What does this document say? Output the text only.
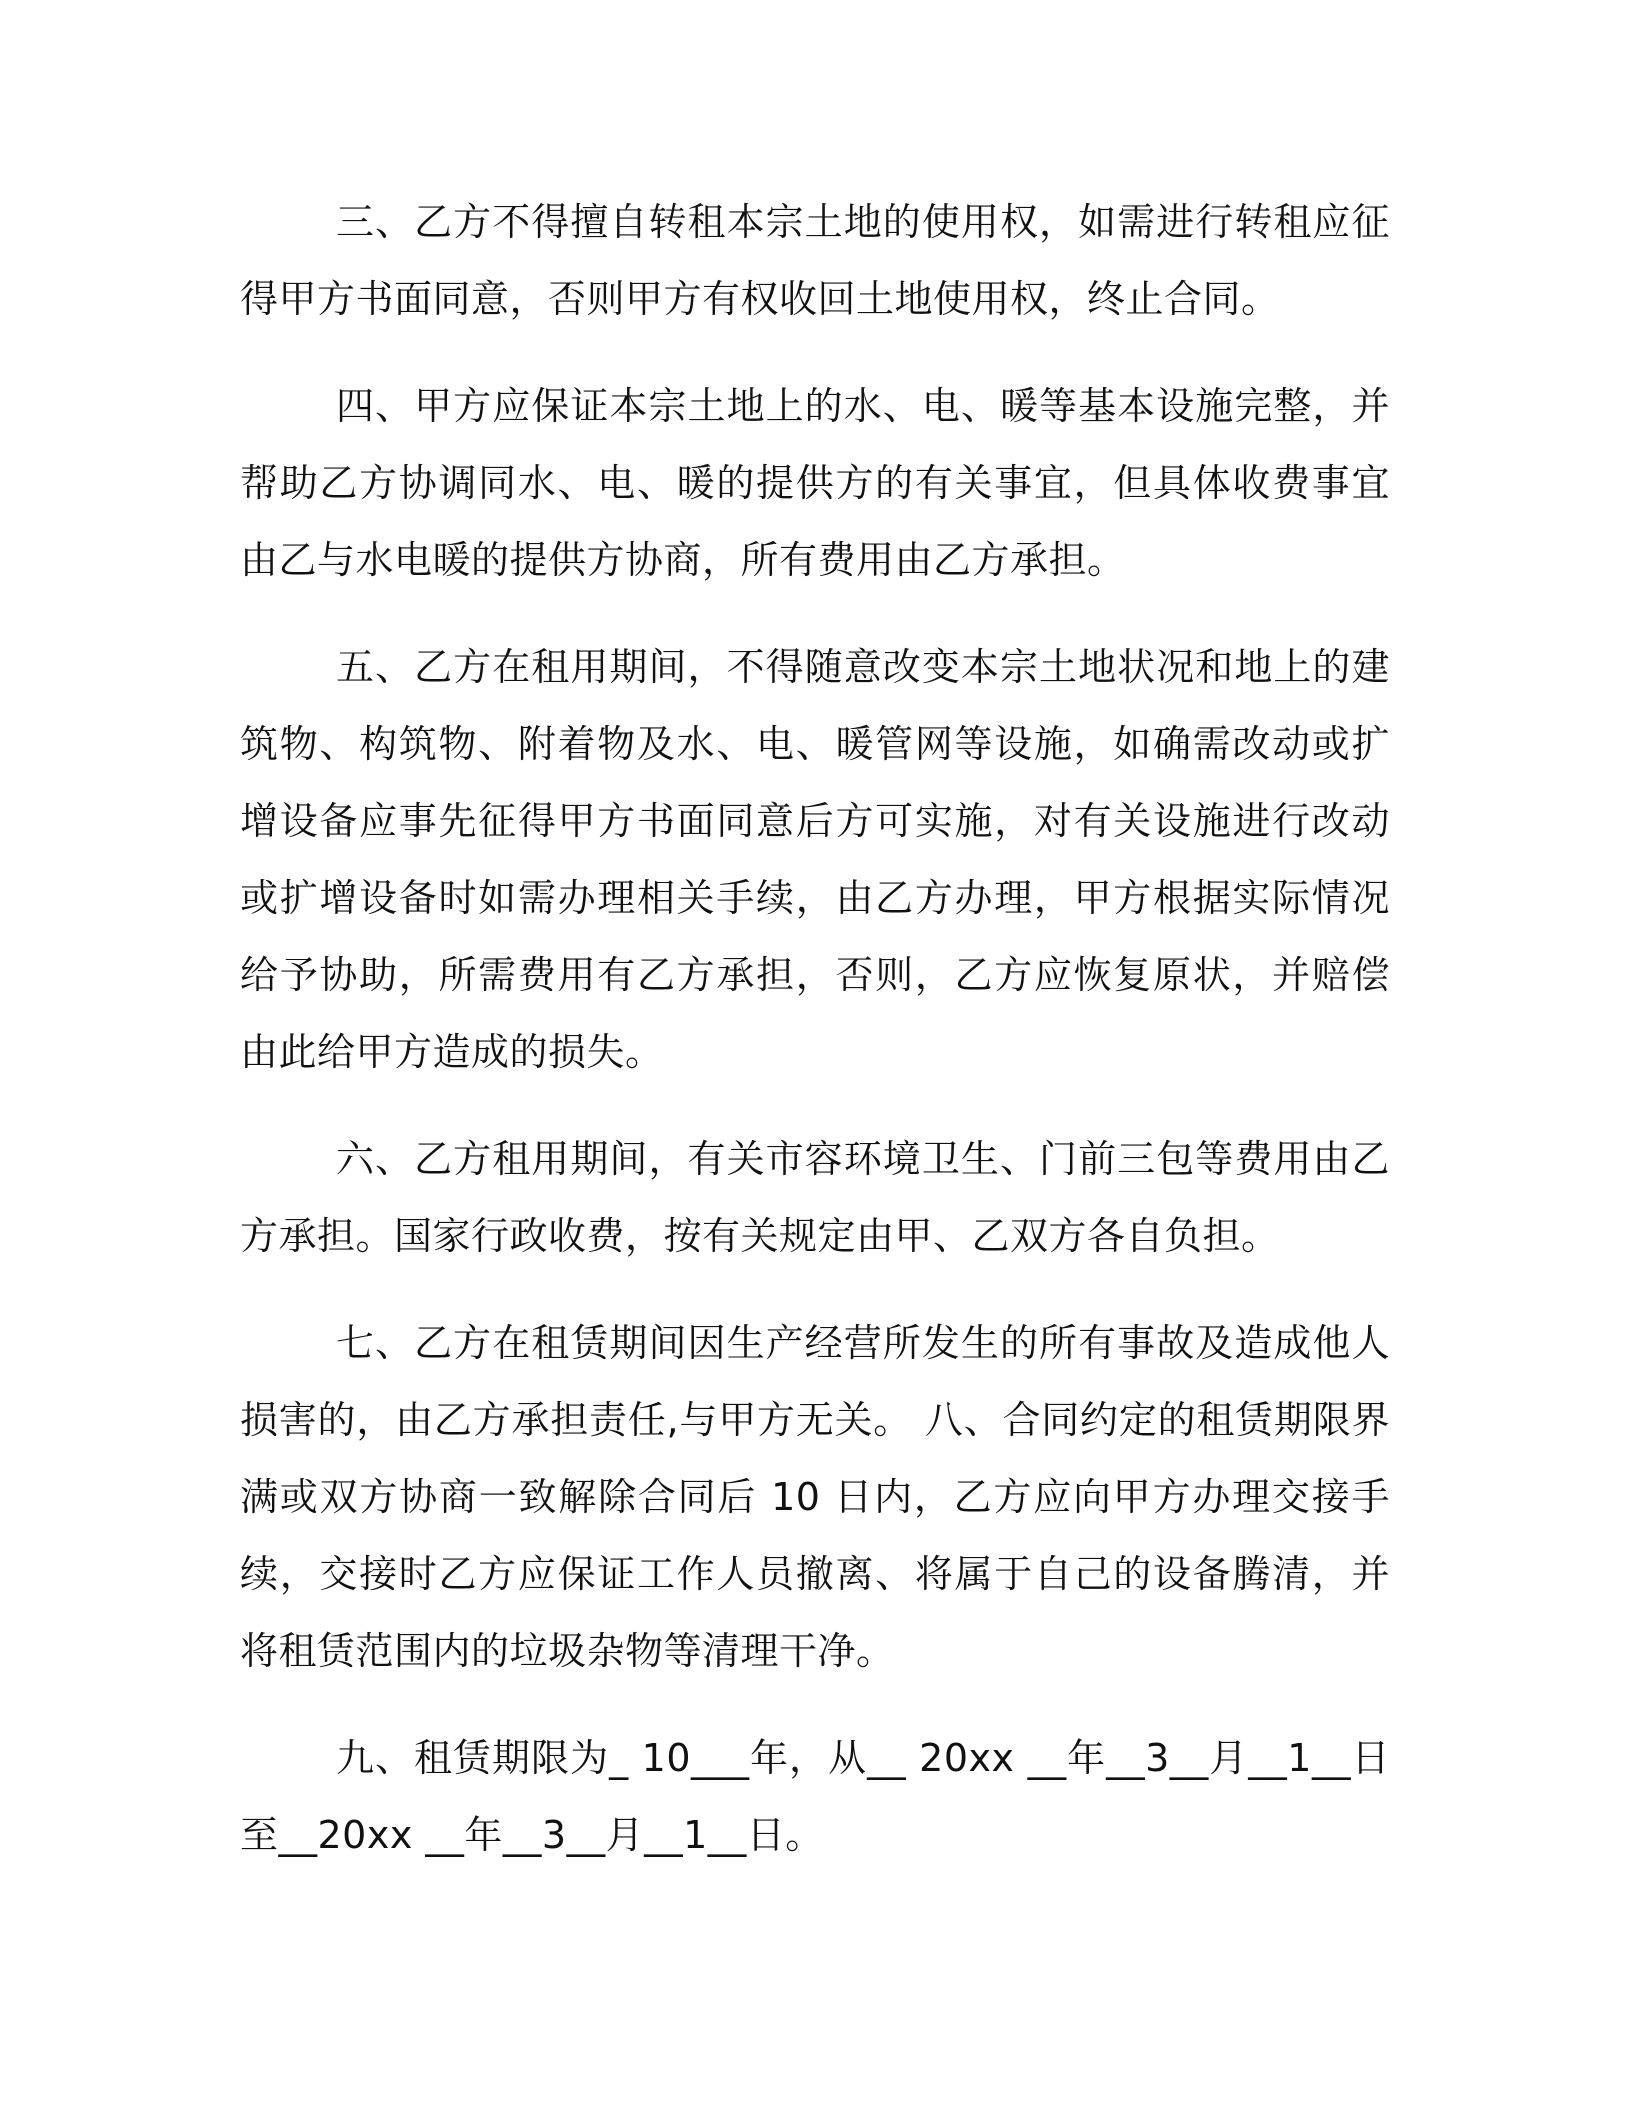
三、乙方不得擅自转租本宗土地的使用权，如需进行转租应征得甲方书面同意，否则甲方有权收回土地使用权，终止合同。

四、甲方应保证本宗土地上的水、电、暖等基本设施完整，并帮助乙方协调同水、电、暖的提供方的有关事宜，但具体收费事宜由乙与水电暖的提供方协商，所有费用由乙方承担。

五、乙方在租用期间，不得随意改变本宗土地状况和地上的建筑物、构筑物、附着物及水、电、暖管网等设施，如确需改动或扩增设备应事先征得甲方书面同意后方可实施，对有关设施进行改动或扩增设备时如需办理相关手续，由乙方办理，甲方根据实际情况给予协助，所需费用有乙方承担，否则，乙方应恢复原状，并赔偿由此给甲方造成的损失。

六、乙方租用期间，有关市容环境卫生、门前三包等费用由乙方承担。国家行政收费，按有关规定由甲、乙双方各自负担。

七、乙方在租赁期间因生产经营所发生的所有事故及造成他人损害的，由乙方承担责任,与甲方无关。 八、合同约定的租赁期限界满或双方协商一致解除合同后 10 日内，乙方应向甲方办理交接手续，交接时乙方应保证工作人员撤离、将属于自己的设备腾清，并将租赁范围内的垃圾杂物等清理干净。

九、租赁期限为_ 10___年，从__ 20xx __年__3__月__1__日至__20xx __年__3__月__1__日。
